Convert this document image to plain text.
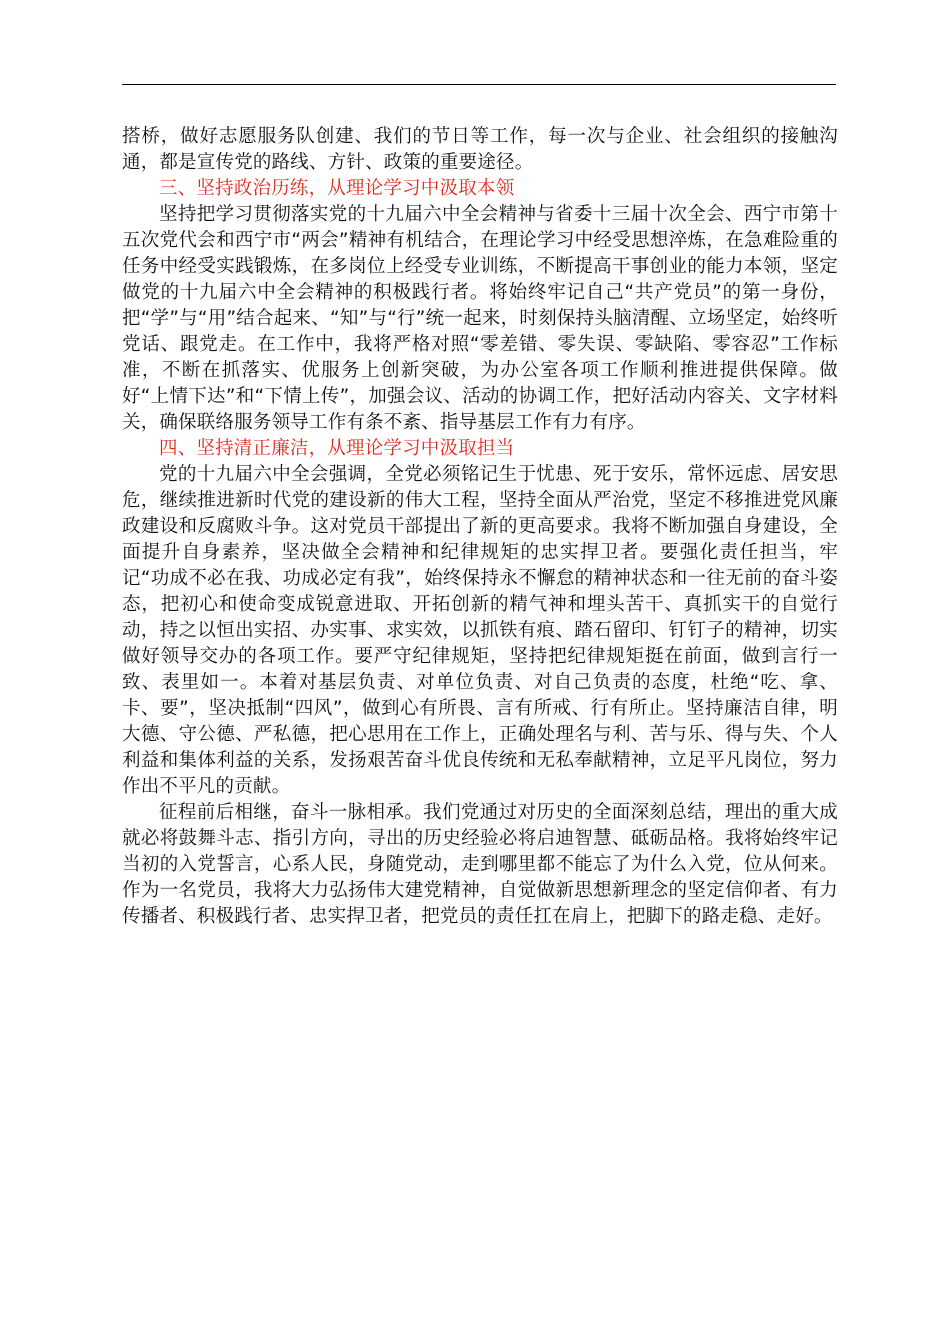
搭桥，做好志愿服务队创建、我们的节日等工作，每一次与企业、社会组织的接触沟通，都是宣传党的路线、方针、政策的重要途径。

三、坚持政治历练，从理论学习中汲取本领

坚持把学习贯彻落实党的十九届六中全会精神与省委十三届十次全会、西宁市第十五次党代会和西宁市“两会”精神有机结合，在理论学习中经受思想淬炼，在急难险重的任务中经受实践锻炼，在多岗位上经受专业训练，不断提高干事创业的能力本领，坚定做党的十九届六中全会精神的积极践行者。将始终牢记自己“共产党员”的第一身份，把“学”与“用”结合起来、“知”与“行”统一起来，时刻保持头脑清醒、立场坚定，始终听党话、跟党走。在工作中，我将严格对照“零差错、零失误、零缺陷、零容忍”工作标准，不断在抓落实、优服务上创新突破，为办公室各项工作顺利推进提供保障。做好“上情下达”和“下情上传”，加强会议、活动的协调工作，把好活动内容关、文字材料关，确保联络服务领导工作有条不紊、指导基层工作有力有序。

四、坚持清正廉洁，从理论学习中汲取担当

党的十九届六中全会强调，全党必须铭记生于忧患、死于安乐，常怀远虑、居安思危，继续推进新时代党的建设新的伟大工程，坚持全面从严治党，坚定不移推进党风廉政建设和反腐败斗争。这对党员干部提出了新的更高要求。我将不断加强自身建设，全面提升自身素养，坚决做全会精神和纪律规矩的忠实捍卫者。要强化责任担当，牢记“功成不必在我、功成必定有我”，始终保持永不懈怠的精神状态和一往无前的奋斗姿态，把初心和使命变成锐意进取、开拓创新的精气神和埋头苦干、真抓实干的自觉行动，持之以恒出实招、办实事、求实效，以抓铁有痕、踏石留印、钉钉子的精神，切实做好领导交办的各项工作。要严守纪律规矩，坚持把纪律规矩挺在前面，做到言行一致、表里如一。本着对基层负责、对单位负责、对自己负责的态度，杜绝“吃、拿、卡、要”，坚决抵制“四风”，做到心有所畏、言有所戒、行有所止。坚持廉洁自律，明大德、守公德、严私德，把心思用在工作上，正确处理名与利、苦与乐、得与失、个人利益和集体利益的关系，发扬艰苦奋斗优良传统和无私奉献精神，立足平凡岗位，努力作出不平凡的贡献。

征程前后相继，奋斗一脉相承。我们党通过对历史的全面深刻总结，理出的重大成就必将鼓舞斗志、指引方向，寻出的历史经验必将启迪智慧、砥砺品格。我将始终牢记当初的入党誓言，心系人民，身随党动，走到哪里都不能忘了为什么入党，位从何来。作为一名党员，我将大力弘扬伟大建党精神，自觉做新思想新理念的坚定信仰者、有力传播者、积极践行者、忠实捍卫者，把党员的责任扛在肩上，把脚下的路走稳、走好。
